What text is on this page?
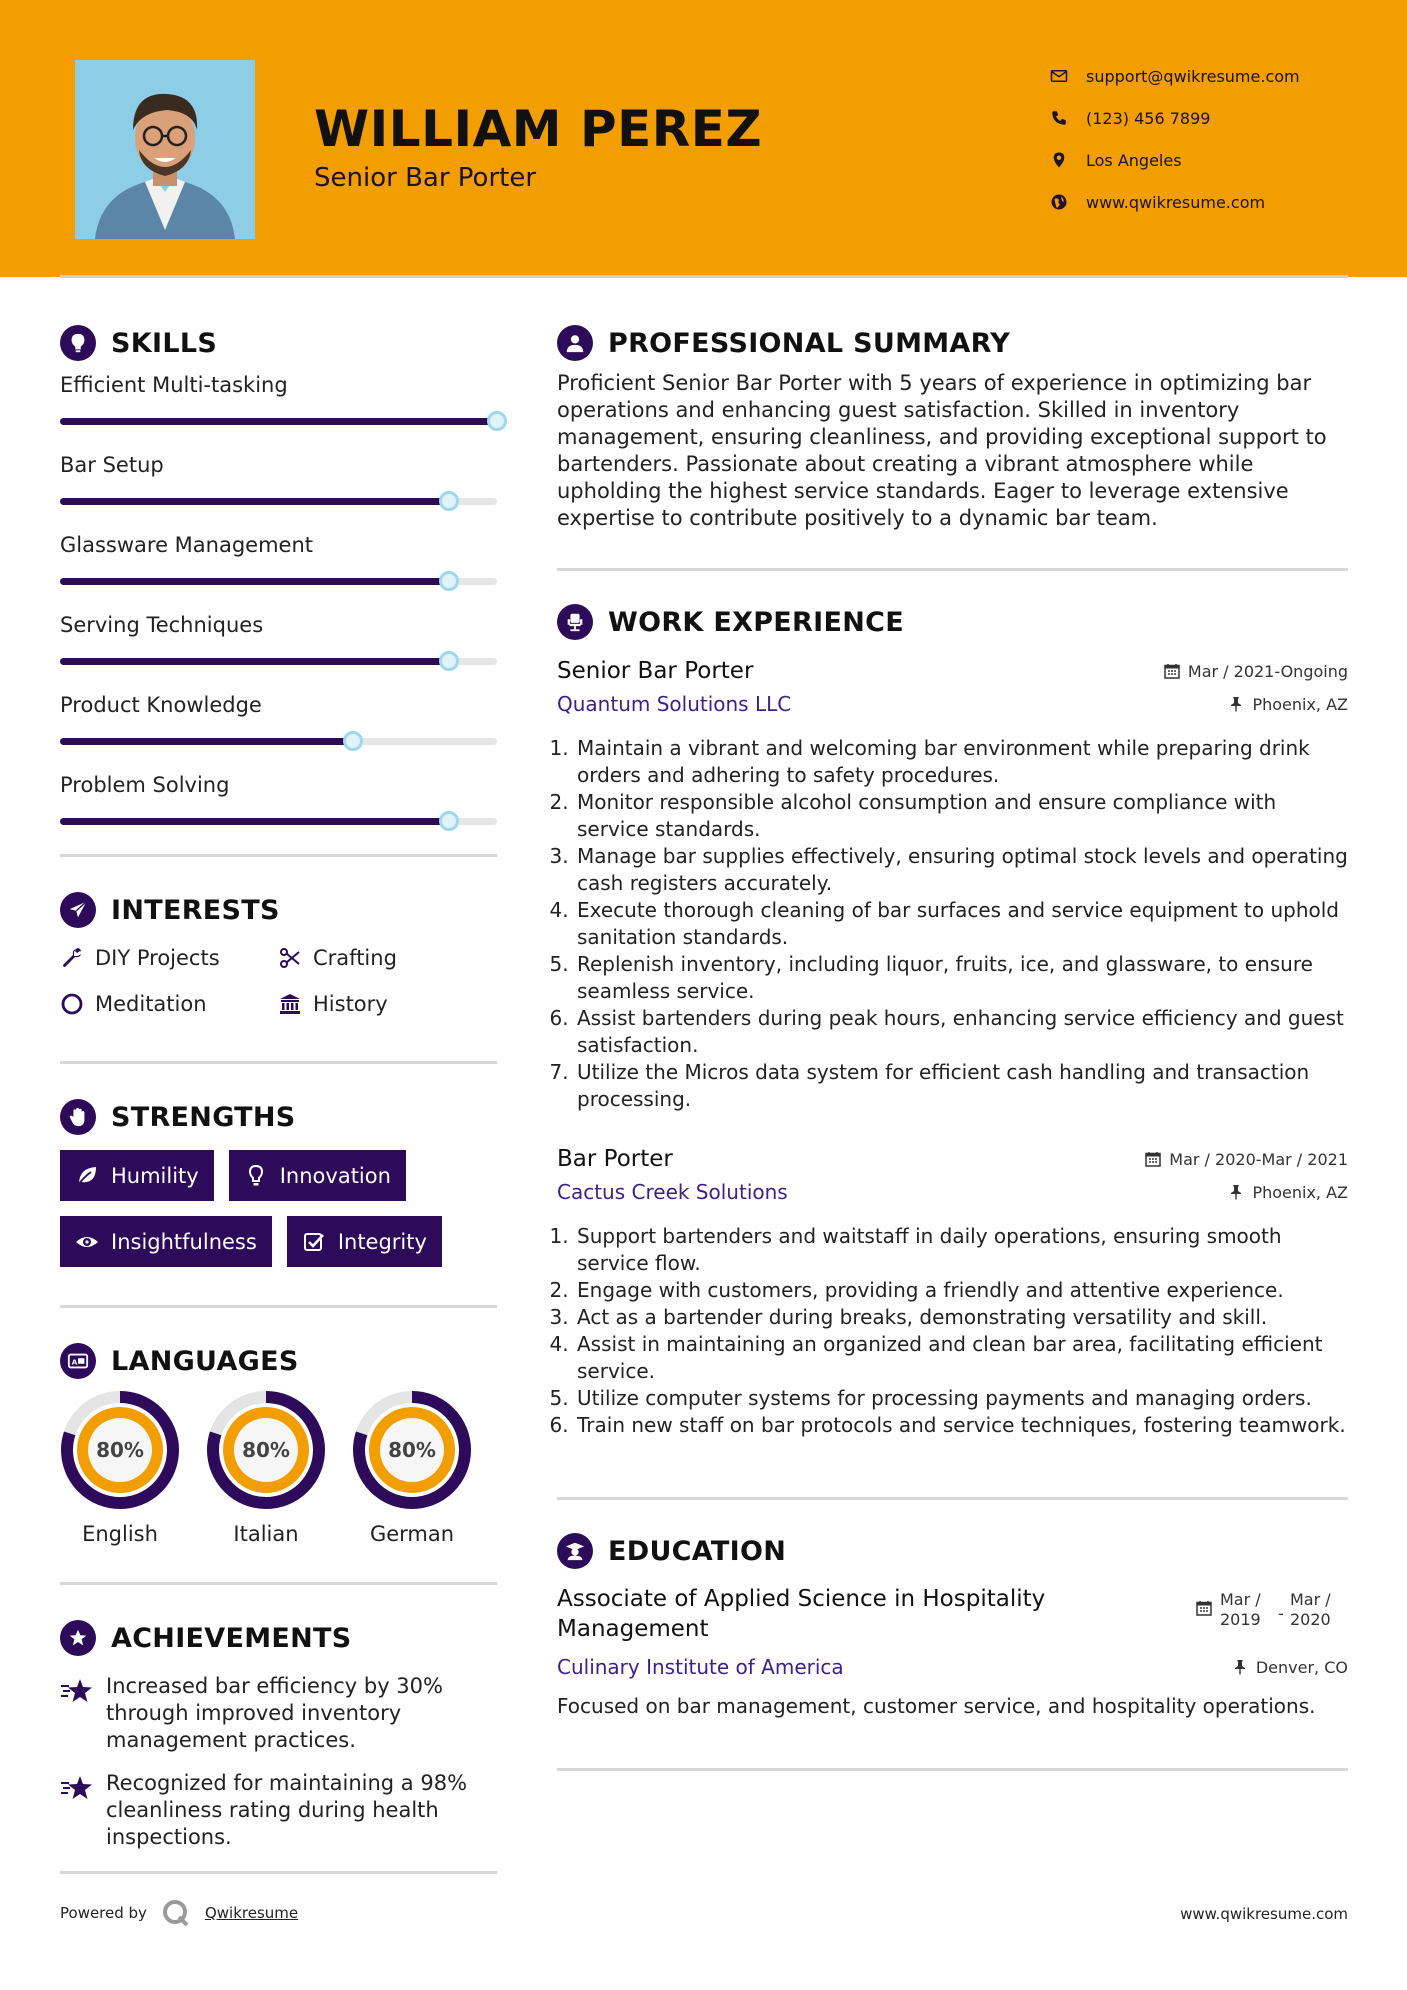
WILLIAM PEREZ
Senior Bar Porter
support@qwikresume.com
(123) 456 7899
Los Angeles
www.qwikresume.com
SKILLS
Efficient Multi-tasking
Bar Setup
Glassware Management
Serving Techniques
Product Knowledge
Problem Solving
INTERESTS
DIY Projects	Crafting
Meditation	History
STRENGTHS
Humility	Innovation
Insightfulness	Integrity
A LANGUAGES
80%
English
80%
Italian
80%
German
ACHIEVEMENTS

Increased bar efficiency by 30% through improved inventory management practices.

Recognized for maintaining a 98% cleanliness rating during health inspections.

PROFESSIONAL SUMMARY

Proficient Senior Bar Porter with 5 years of experience in optimizing bar operations and enhancing guest satisfaction. Skilled in inventory management, ensuring cleanliness, and providing exceptional support to bartenders. Passionate about creating a vibrant atmosphere while upholding the highest service standards. Eager to leverage extensive expertise to contribute positively to a dynamic bar team.

WORK EXPERIENCE
Senior Bar Porter	Mar / 2021-Ongoing
Quantum Solutions LLC	Phoenix, AZ
1. Maintain a vibrant and welcoming bar environment while preparing drink orders and adhering to safety procedures.
2. Monitor responsible alcohol consumption and ensure compliance with service standards.
3. Manage bar supplies effectively, ensuring optimal stock levels and operating cash registers accurately.
4. Execute thorough cleaning of bar surfaces and service equipment to uphold sanitation standards.
5. Replenish inventory, including liquor, fruits, ice, and glassware, to ensure seamless service.
6. Assist bartenders during peak hours, enhancing service efficiency and guest satisfaction.
7. Utilize the Micros data system for efficient cash handling and transaction processing.
Bar Porter	Mar / 2020-Mar / 2021
Cactus Creek Solutions	Phoenix, AZ
1. Support bartenders and waitstaff in daily operations, ensuring smooth service flow.
2. Engage with customers, providing a friendly and attentive experience.
3. Act as a bartender during breaks, demonstrating versatility and skill.
4. Assist in maintaining an organized and clean bar area, facilitating efficient service.
5. Utilize computer systems for processing payments and managing orders.
6. Train new staff on bar protocols and service techniques, fostering teamwork.
EDUCATION
Associate of Applied Science in Hospitality Management
Mar / 2019	-
Mar / 2020
Culinary Institute of America	Denver, CO
Focused on bar management, customer service, and hospitality operations.
Powered by	Qwikresume	www.qwikresume.com
